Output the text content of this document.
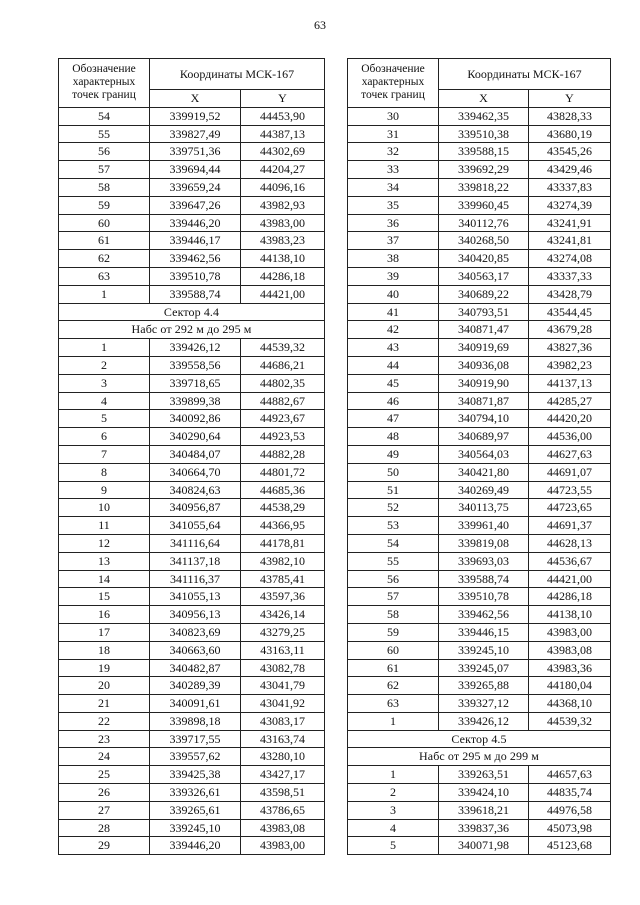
63
Обозначение характерных точек границ	Координаты МСК-167	
	X	Y
54	339919,52	44453,90
55	339827,49	44387,13
56	339751,36	44302,69
57	339694,44	44204,27
58	339659,24	44096,16
59	339647,26	43982,93
60	339446,20	43983,00
61	339446,17	43983,23
62	339462,56	44138,10
63	339510,78	44286,18
1	339588,74	44421,00
Сектор 4.4		
Набс от 292 м до 295 м		
1	339426,12	44539,32
2	339558,56	44686,21
3	339718,65	44802,35
4	339899,38	44882,67
5	340092,86	44923,67
6	340290,64	44923,53
7	340484,07	44882,28
8	340664,70	44801,72
9	340824,63	44685,36
10	340956,87	44538,29
11	341055,64	44366,95
12	341116,64	44178,81
13	341137,18	43982,10
14	341116,37	43785,41
15	341055,13	43597,36
16	340956,13	43426,14
17	340823,69	43279,25
18	340663,60	43163,11
19	340482,87	43082,78
20	340289,39	43041,79
21	340091,61	43041,92
22	339898,18	43083,17
23	339717,55	43163,74
24	339557,62	43280,10
25	339425,38	43427,17
26	339326,61	43598,51
27	339265,61	43786,65
28	339245,10	43983,08
29	339446,20	43983,00
Обозначение характерных точек границ	Координаты МСК-167	
	X	Y
30	339462,35	43828,33
31	339510,38	43680,19
32	339588,15	43545,26
33	339692,29	43429,46
34	339818,22	43337,83
35	339960,45	43274,39
36	340112,76	43241,91
37	340268,50	43241,81
38	340420,85	43274,08
39	340563,17	43337,33
40	340689,22	43428,79
41	340793,51	43544,45
42	340871,47	43679,28
43	340919,69	43827,36
44	340936,08	43982,23
45	340919,90	44137,13
46	340871,87	44285,27
47	340794,10	44420,20
48	340689,97	44536,00
49	340564,03	44627,63
50	340421,80	44691,07
51	340269,49	44723,55
52	340113,75	44723,65
53	339961,40	44691,37
54	339819,08	44628,13
55	339693,03	44536,67
56	339588,74	44421,00
57	339510,78	44286,18
58	339462,56	44138,10
59	339446,15	43983,00
60	339245,10	43983,08
61	339245,07	43983,36
62	339265,88	44180,04
63	339327,12	44368,10
1	339426,12	44539,32
Сектор 4.5		
Набс от 295 м до 299 м		
1	339263,51	44657,63
2	339424,10	44835,74
3	339618,21	44976,58
4	339837,36	45073,98
5	340071,98	45123,68
